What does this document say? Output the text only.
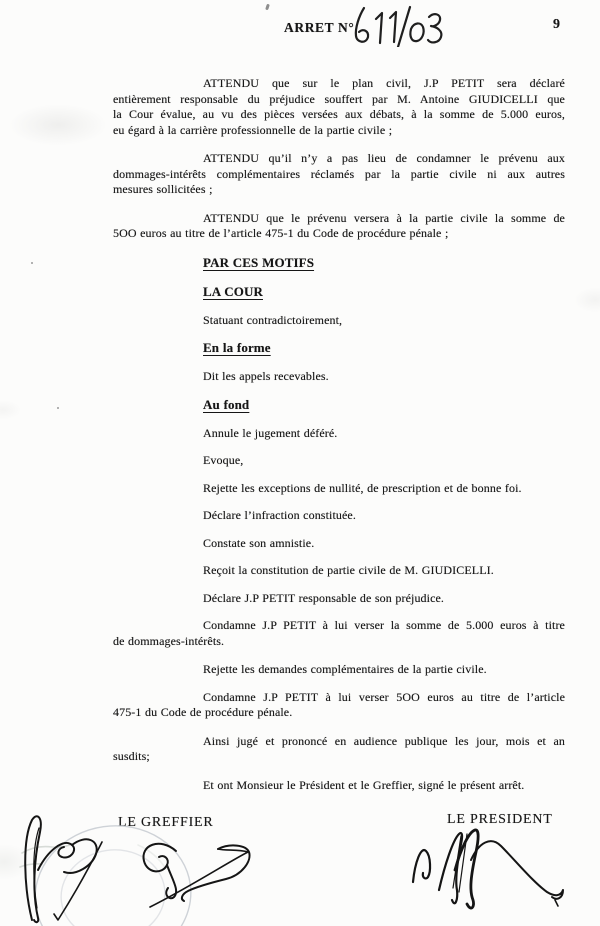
ARRET N°	9
ATTENDU que sur le plan civil, J.P PETIT sera déclaré
entièrement responsable du préjudice souffert par M. Antoine GIUDICELLI que
la Cour évalue, au vu des pièces versées aux débats, à la somme de 5.000 euros,
eu égard à la carrière professionnelle de la partie civile ;
ATTENDU qu’il n’y a pas lieu de condamner le prévenu aux
dommages-intérêts complémentaires réclamés par la partie civile ni aux autres
mesures sollicitées ;
ATTENDU que le prévenu versera à la partie civile la somme de
5OO euros au titre de l’article 475-1 du Code de procédure pénale ;
PAR CES MOTIFS
LA COUR
Statuant contradictoirement,
En la forme
Dit les appels recevables.
Au fond
Annule le jugement déféré.
Evoque,
Rejette les exceptions de nullité, de prescription et de bonne foi.
Déclare l’infraction constituée.
Constate son amnistie.
Reçoit la constitution de partie civile de M. GIUDICELLI.
Déclare J.P PETIT responsable de son préjudice.
Condamne J.P PETIT à lui verser la somme de 5.000 euros à titre
de dommages-intérêts.
Rejette les demandes complémentaires de la partie civile.
Condamne J.P PETIT à lui verser 5OO euros au titre de l’article
475-1 du Code de procédure pénale.
Ainsi jugé et prononcé en audience publique les jour, mois et an
susdits;
Et ont Monsieur le Président et le Greffier, signé le présent arrêt.
LE GREFFIER	LE PRESIDENT
